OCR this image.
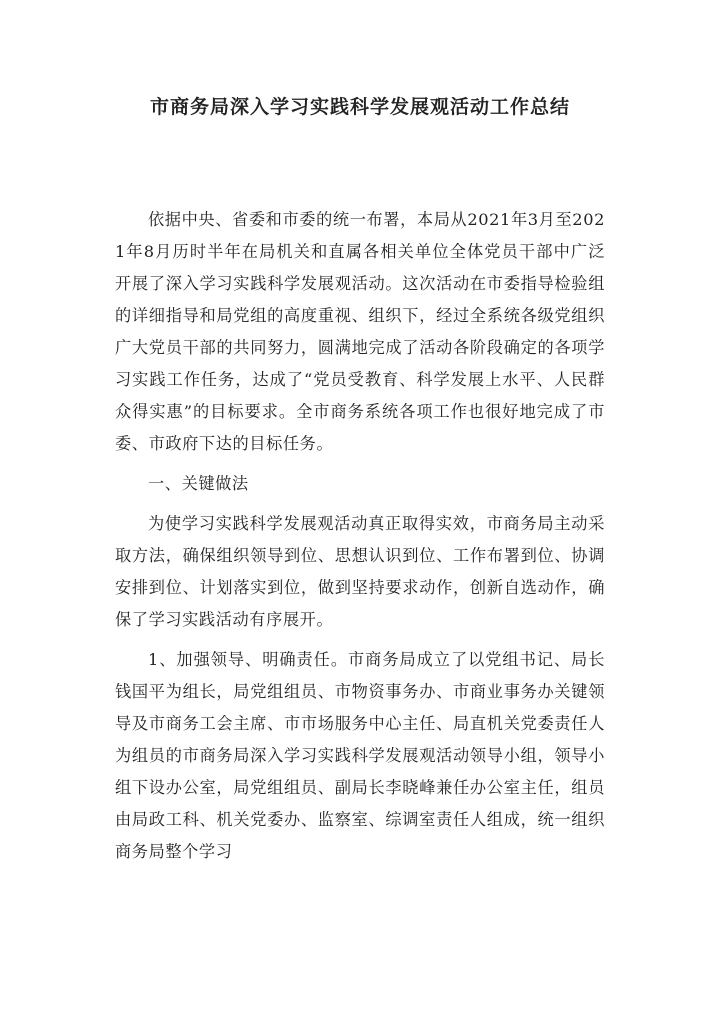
市商务局深入学习实践科学发展观活动工作总结

依据中央、省委和市委的统一布署，本局从2021年3月至2021年8月历时半年在局机关和直属各相关单位全体党员干部中广泛开展了深入学习实践科学发展观活动。这次活动在市委指导检验组的详细指导和局党组的高度重视、组织下，经过全系统各级党组织广大党员干部的共同努力，圆满地完成了活动各阶段确定的各项学习实践工作任务，达成了“党员受教育、科学发展上水平、人民群众得实惠”的目标要求。全市商务系统各项工作也很好地完成了市委、市政府下达的目标任务。

一、关键做法

为使学习实践科学发展观活动真正取得实效，市商务局主动采取方法，确保组织领导到位、思想认识到位、工作布署到位、协调安排到位、计划落实到位，做到坚持要求动作，创新自选动作，确保了学习实践活动有序展开。

1、加强领导、明确责任。市商务局成立了以党组书记、局长钱国平为组长，局党组组员、市物资事务办、市商业事务办关键领导及市商务工会主席、市市场服务中心主任、局直机关党委责任人为组员的市商务局深入学习实践科学发展观活动领导小组，领导小组下设办公室，局党组组员、副局长李晓峰兼任办公室主任，组员由局政工科、机关党委办、监察室、综调室责任人组成，统一组织商务局整个学习
